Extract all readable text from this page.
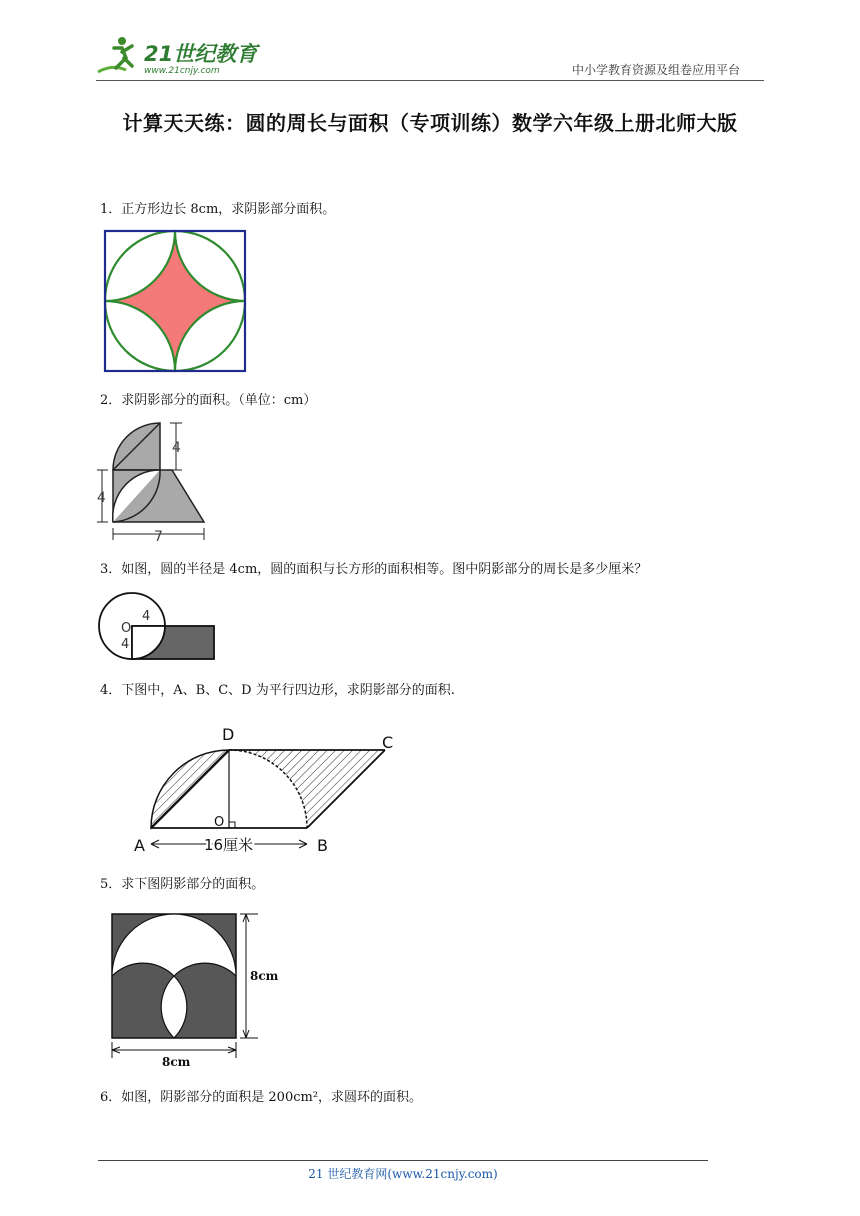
21世纪教育
www.21cnjy.com	中小学教育资源及组卷应用平台
计算天天练：圆的周长与面积（专项训练）数学六年级上册北师大版
1．正方形边长 8cm，求阴影部分面积。
2．求阴影部分的面积。（单位：cm）
4
4
7
3．如图，圆的半径是 4cm，圆的面积与长方形的面积相等。图中阴影部分的周长是多少厘米？
4
O
4
4．下图中，A、B、C、D 为平行四边形，求阴影部分的面积.
A	B
C
D
O
16厘米
5．求下图阴影部分的面积。
8cm
8cm
6．如图，阴影部分的面积是 200cm²，求圆环的面积。
21 世纪教育网(www.21cnjy.com)
